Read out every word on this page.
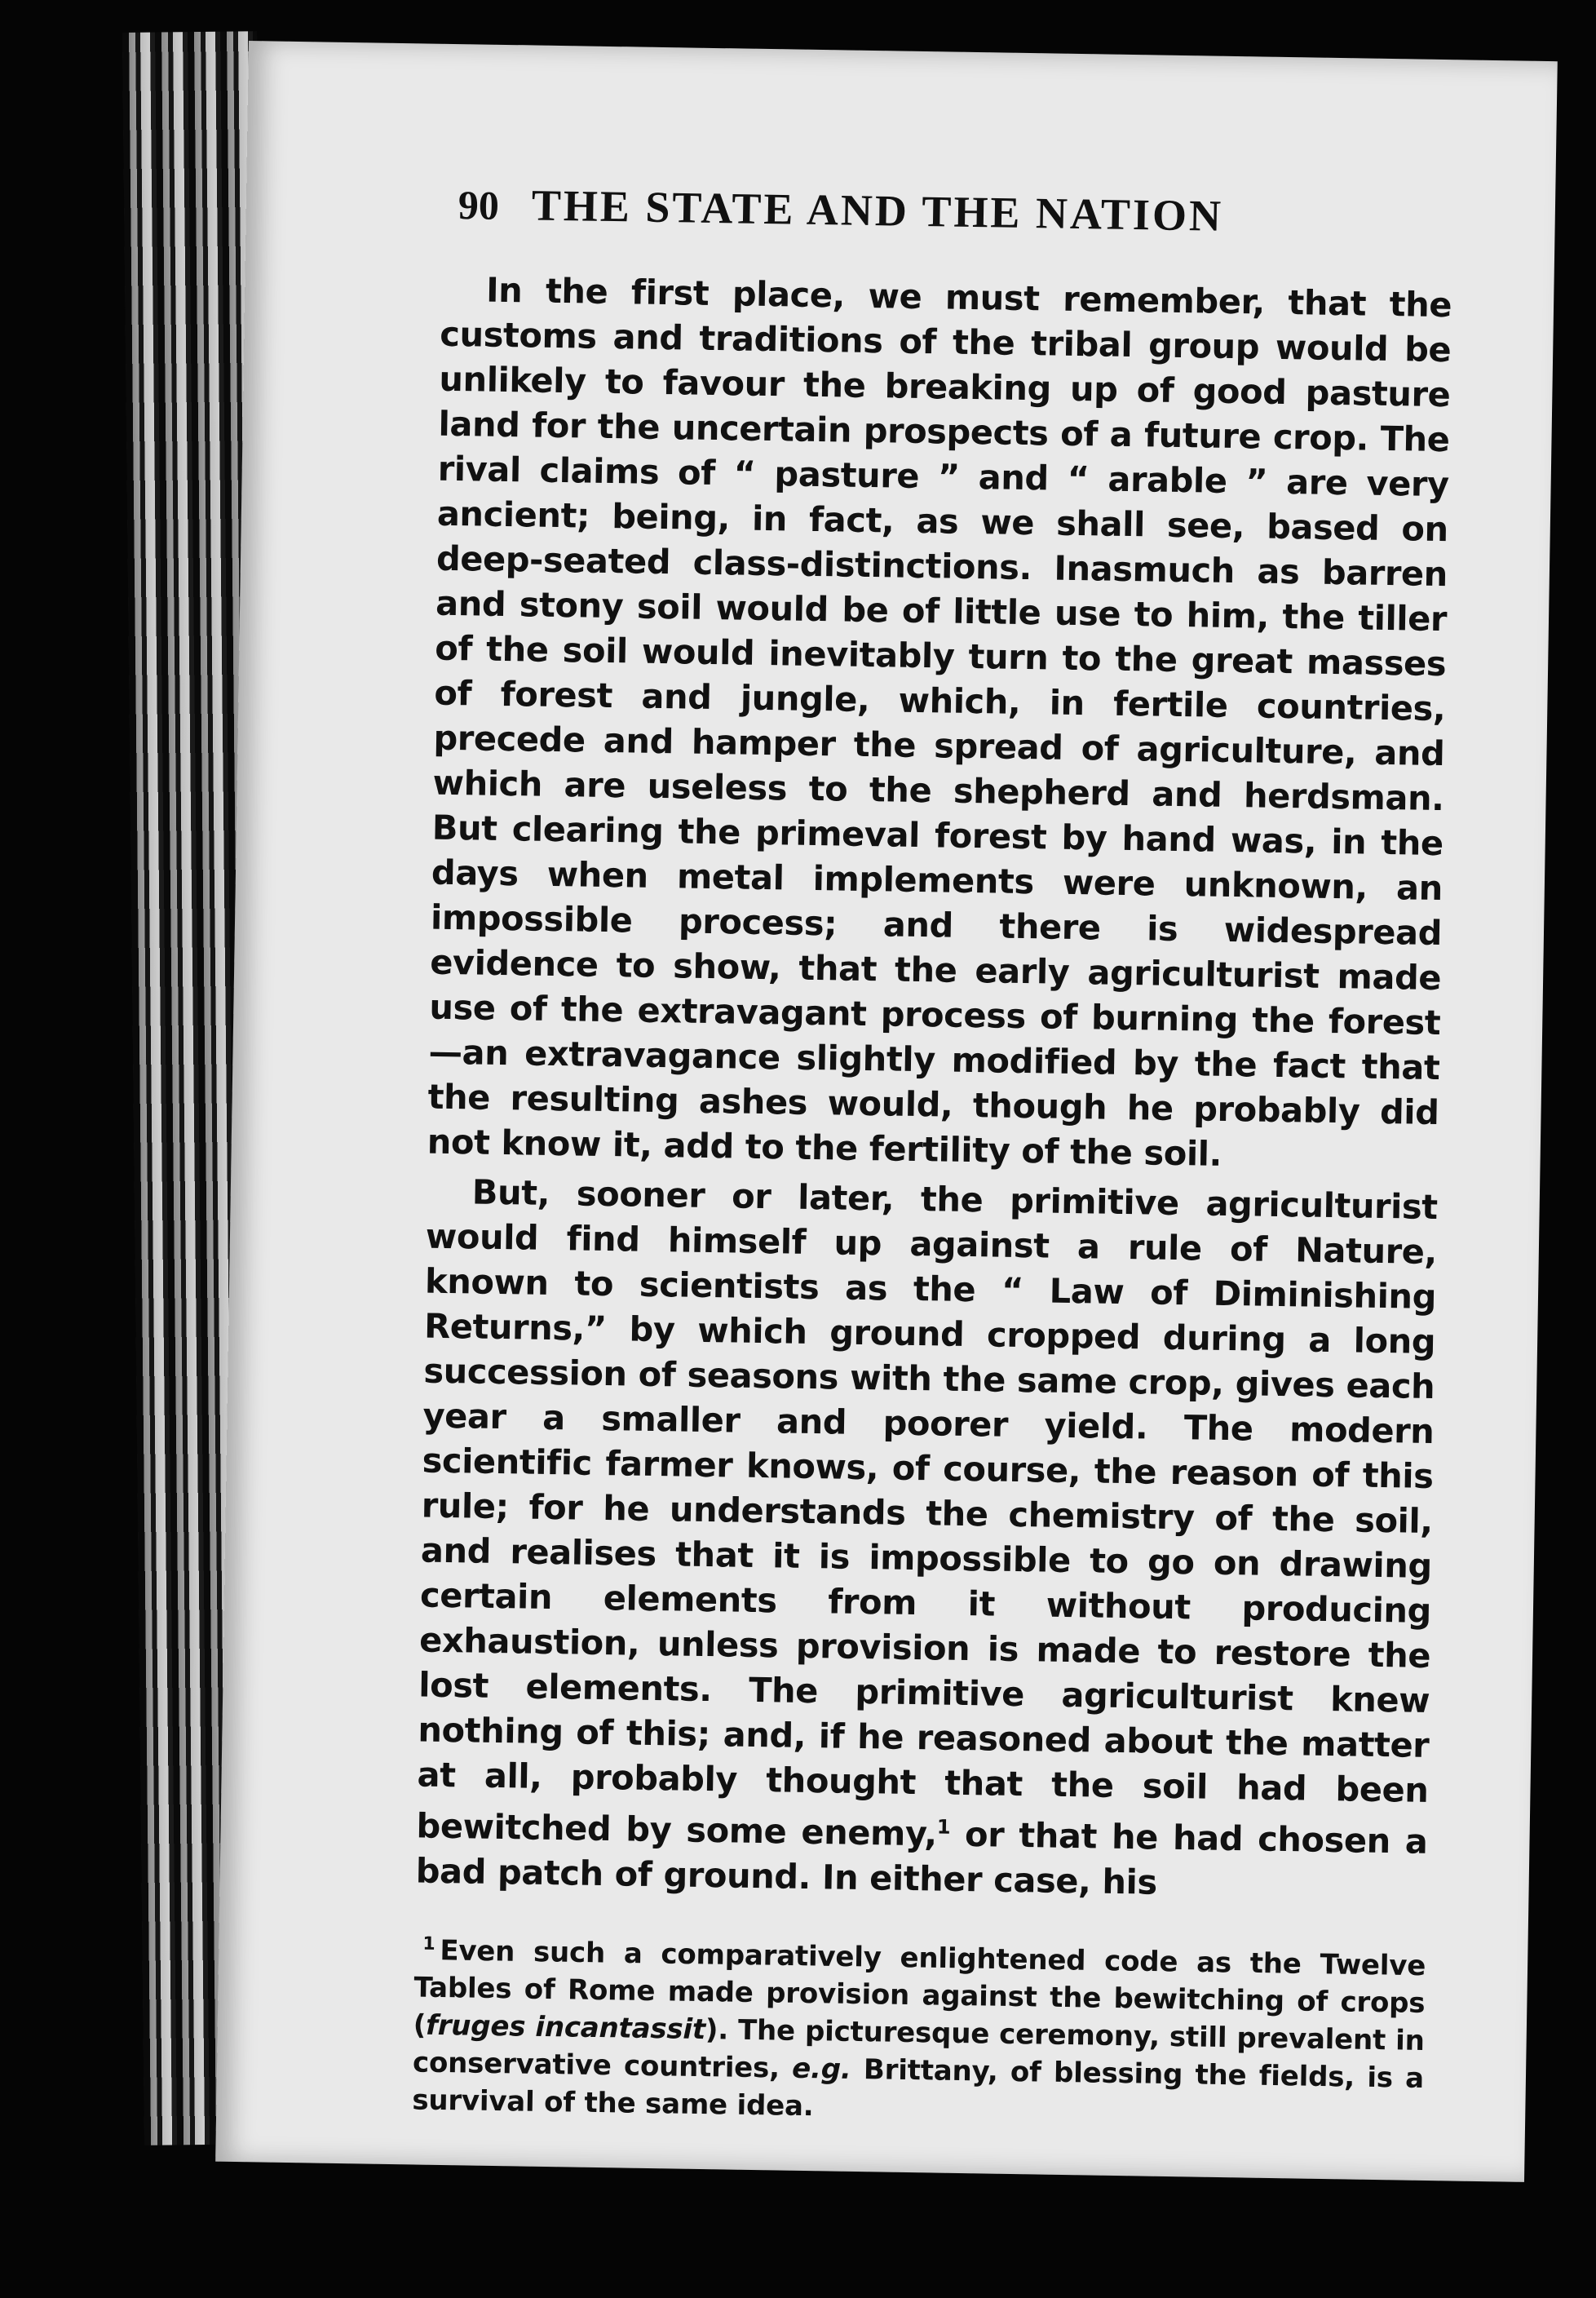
90 THE STATE AND THE NATION

In the first place, we must remember, that the customs and traditions of the tribal group would be unlikely to favour the breaking up of good pasture land for the uncertain prospects of a future crop. The rival claims of “ pasture ” and “ arable ” are very ancient; being, in fact, as we shall see, based on deep-seated class-distinctions. Inasmuch as barren and stony soil would be of little use to him, the tiller of the soil would inevitably turn to the great masses of forest and jungle, which, in fertile countries, precede and hamper the spread of agriculture, and which are useless to the shepherd and herdsman. But clearing the primeval forest by hand was, in the days when metal implements were unknown, an impossible process; and there is widespread evidence to show, that the early agriculturist made use of the extravagant process of burning the forest—an extravagance slightly modified by the fact that the resulting ashes would, though he probably did not know it, add to the fertility of the soil.

But, sooner or later, the primitive agriculturist would find himself up against a rule of Nature, known to scientists as the “ Law of Diminishing Returns,” by which ground cropped during a long succession of seasons with the same crop, gives each year a smaller and poorer yield. The modern scientific farmer knows, of course, the reason of this rule; for he understands the chemistry of the soil, and realises that it is impossible to go on drawing certain elements from it without producing exhaustion, unless provision is made to restore the lost elements. The primitive agriculturist knew nothing of this; and, if he reasoned about the matter at all, probably thought that the soil had been bewitched by some enemy,$^1$ or that he had chosen a bad patch of ground. In either case, his

$^1$ Even such a comparatively enlightened code as the Twelve Tables of Rome made provision against the bewitching of crops (fruges incantassit). The picturesque ceremony, still prevalent in conservative countries, e.g. Brittany, of blessing the fields, is a survival of the same idea.
